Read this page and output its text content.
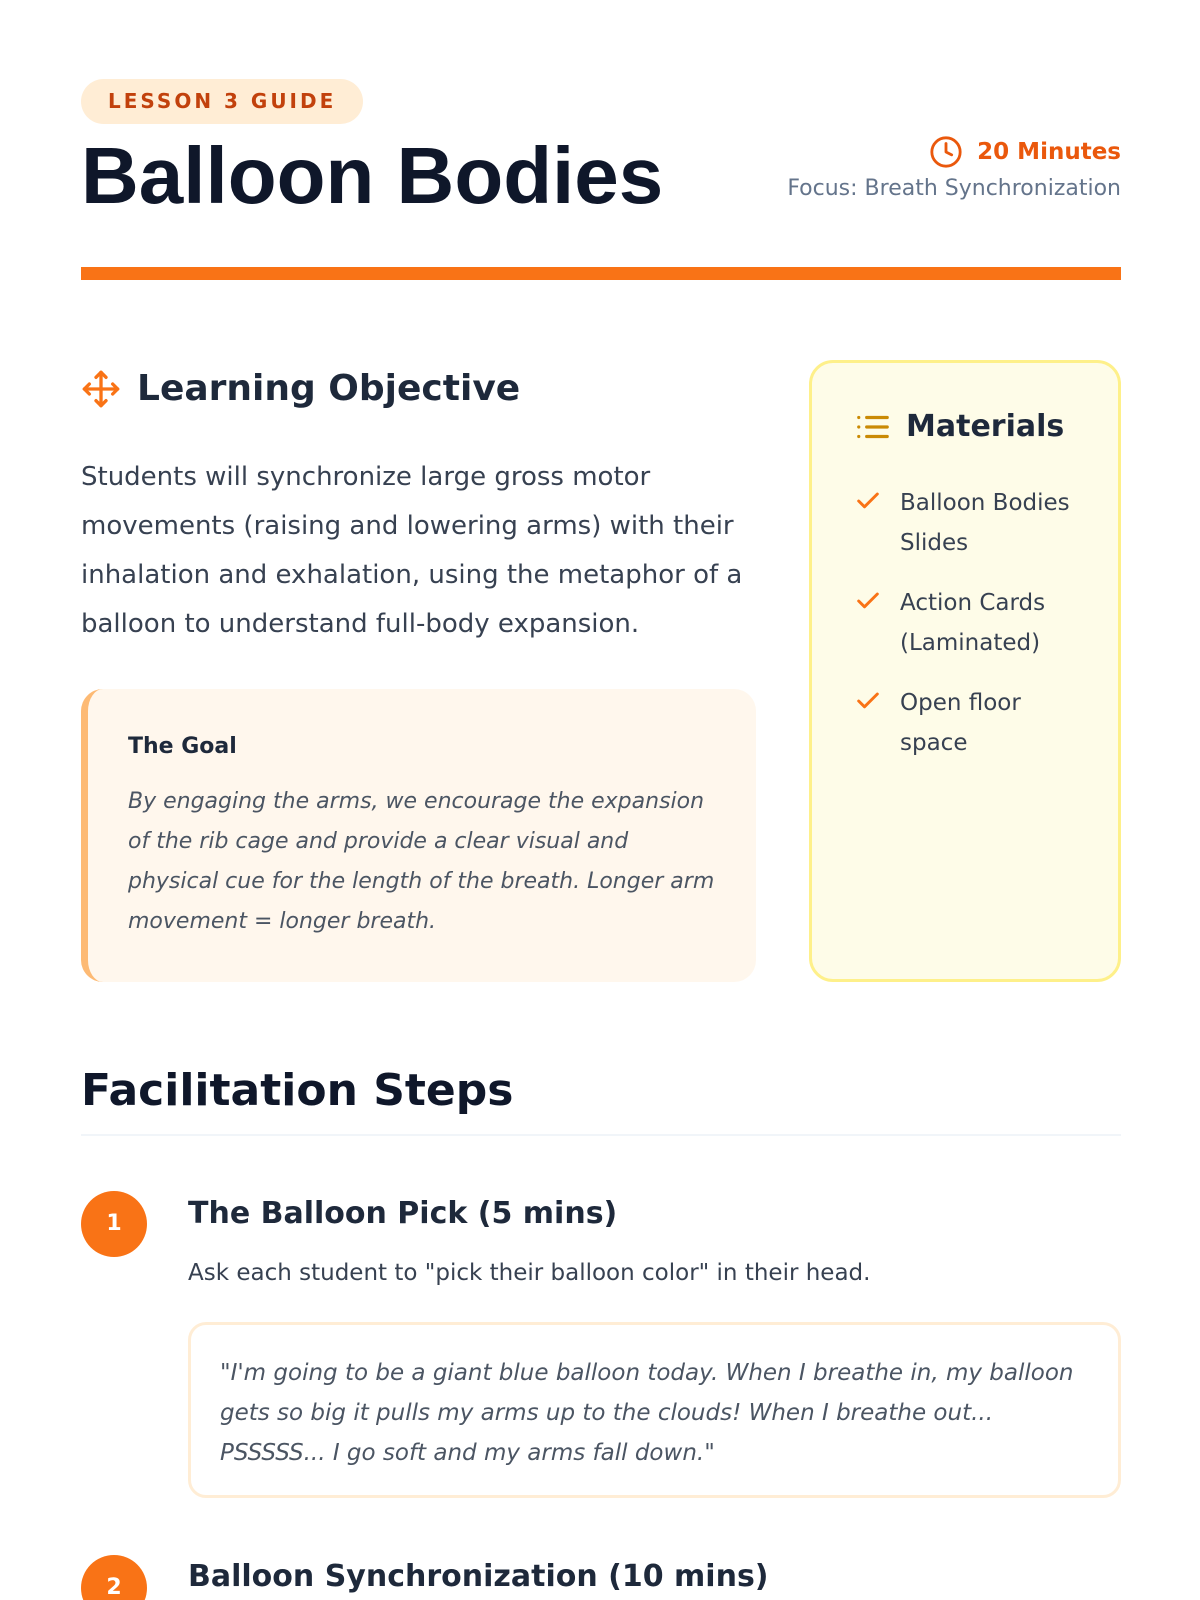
LESSON 3 GUIDE
Balloon Bodies	20 Minutes
Focus: Breath Synchronization
Learning Objective

Students will synchronize large gross motor movements (raising and lowering arms) with their inhalation and exhalation, using the metaphor of a balloon to understand full-body expansion.

The Goal
By engaging the arms, we encourage the expansion of the rib cage and provide a clear visual and physical cue for the length of the breath. Longer arm movement = longer breath.
Materials
Balloon Bodies Slides
Action Cards (Laminated)
Open floor space
Facilitation Steps
1	The Balloon Pick (5 mins)

Ask each student to "pick their balloon color" in their head.

"I'm going to be a giant blue balloon today. When I breathe in, my balloon gets so big it pulls my arms up to the clouds! When I breathe out... PSSSSS... I go soft and my arms fall down."
2	Balloon Synchronization (10 mins)
